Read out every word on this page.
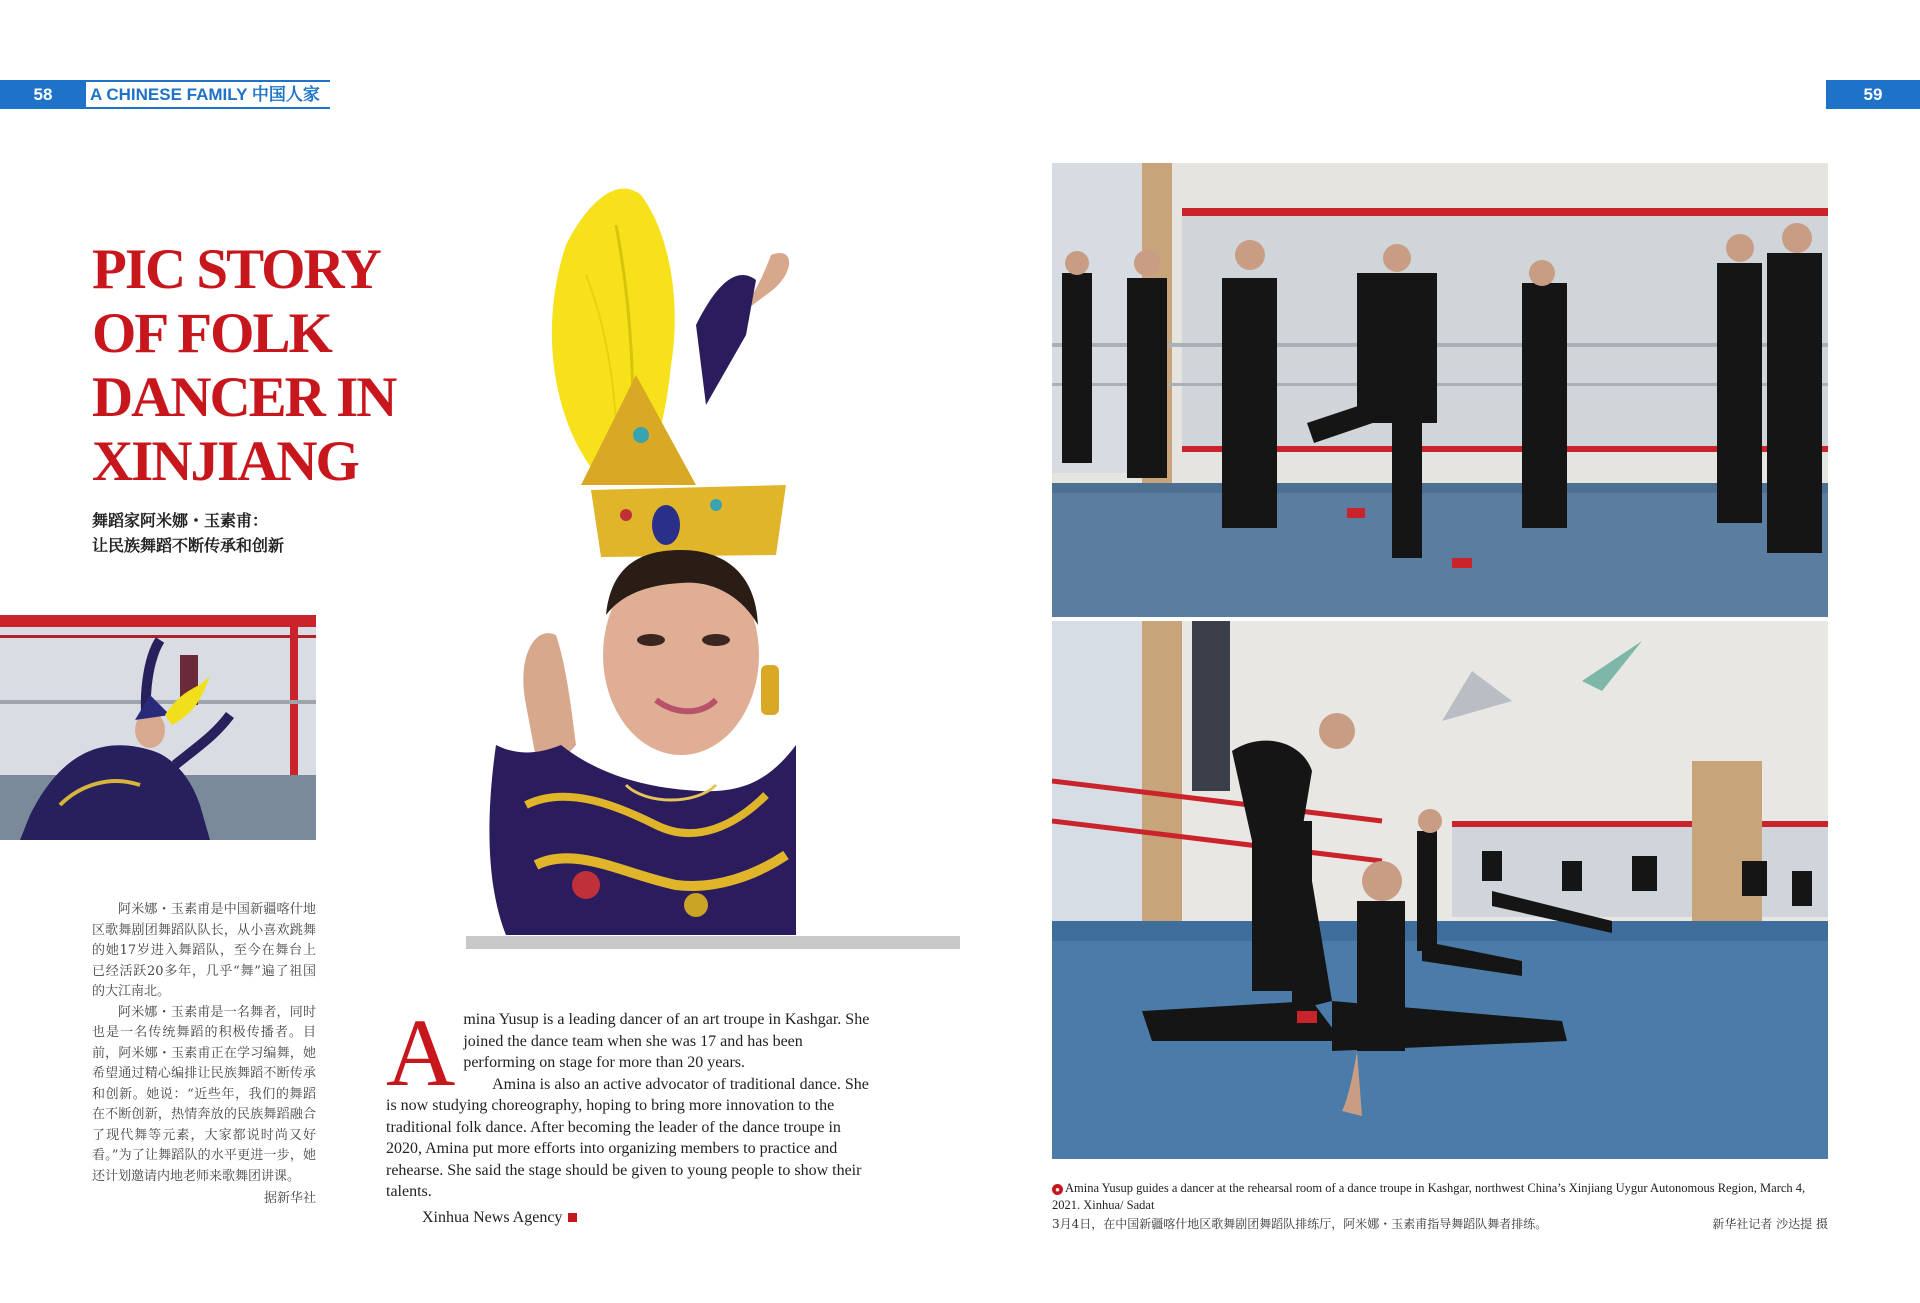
58	A CHINESE FAMILY 中国人家	59
PIC STORY
OF FOLK
DANCER IN
XINJIANG
舞蹈家阿米娜・玉素甫：
让民族舞蹈不断传承和创新

阿米娜・玉素甫是中国新疆喀什地区歌舞剧团舞蹈队队长，从小喜欢跳舞的她17岁进入舞蹈队，至今在舞台上已经活跃20多年，几乎“舞”遍了祖国的大江南北。

阿米娜・玉素甫是一名舞者，同时也是一名传统舞蹈的积极传播者。目前，阿米娜・玉素甫正在学习编舞，她希望通过精心编排让民族舞蹈不断传承和创新。她说：“近些年，我们的舞蹈在不断创新，热情奔放的民族舞蹈融合了现代舞等元素，大家都说时尚又好看。”为了让舞蹈队的水平更进一步，她还计划邀请内地老师来歌舞团讲课。

据新华社
A mina Yusup is a leading dancer of an art troupe in Kashgar. She joined the dance team when she was 17 and has been performing on stage for more than 20 years.

Amina is also an active advocator of traditional dance. She is now studying choreography, hoping to bring more innovation to the traditional folk dance. After becoming the leader of the dance troupe in 2020, Amina put more efforts into organizing members to practice and rehearse. She said the stage should be given to young people to show their talents.

Xinhua News Agency
● Amina Yusup guides a dancer at the rehearsal room of a dance troupe in Kashgar, northwest China’s Xinjiang Uygur Autonomous Region, March 4, 2021. Xinhua/ Sadat
3月4日，在中国新疆喀什地区歌舞剧团舞蹈队排练厅，阿米娜・玉素甫指导舞蹈队舞者排练。	新华社记者 沙达提 摄
